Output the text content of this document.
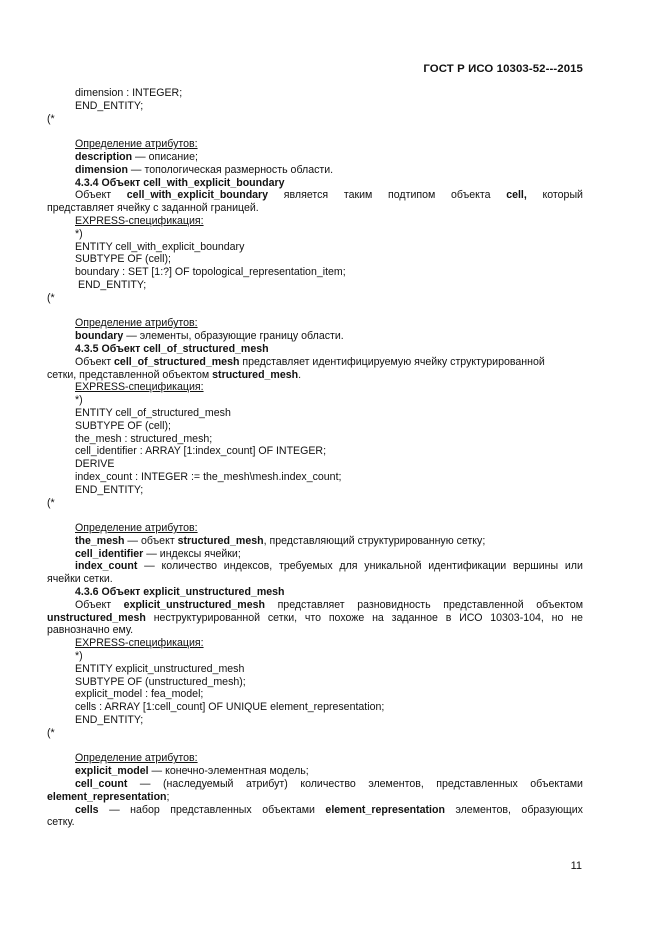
ГОСТ Р ИСО 10303-52---2015
dimension : INTEGER;
END_ENTITY;
(*
Определение атрибутов:
description — описание;
dimension — топологическая размерность области.
4.3.4 Объект cell_with_explicit_boundary
Объект cell_with_explicit_boundary является таким подтипом объекта cell, который
представляет ячейку с заданной границей.
EXPRESS-спецификация:
*)
ENTITY cell_with_explicit_boundary
SUBTYPE OF (cell);
boundary : SET [1:?] OF topological_representation_item;
END_ENTITY;
(*
Определение атрибутов:
boundary — элементы, образующие границу области.
4.3.5 Объект cell_of_structured_mesh
Объект cell_of_structured_mesh представляет идентифицируемую ячейку структурированной
сетки, представленной объектом structured_mesh.
EXPRESS-спецификация:
*)
ENTITY cell_of_structured_mesh
SUBTYPE OF (cell);
the_mesh : structured_mesh;
cell_identifier : ARRAY [1:index_count] OF INTEGER;
DERIVE
index_count : INTEGER := the_mesh\mesh.index_count;
END_ENTITY;
(*
Определение атрибутов:
the_mesh — объект structured_mesh, представляющий структурированную сетку;
cell_identifier — индексы ячейки;
index_count — количество индексов, требуемых для уникальной идентификации вершины или
ячейки сетки.
4.3.6 Объект explicit_unstructured_mesh
Объект explicit_unstructured_mesh представляет разновидность представленной объектом
unstructured_mesh неструктурированной сетки, что похоже на заданное в ИСО 10303-104, но не
равнозначно ему.
EXPRESS-спецификация:
*)
ENTITY explicit_unstructured_mesh
SUBTYPE OF (unstructured_mesh);
explicit_model : fea_model;
cells : ARRAY [1:cell_count] OF UNIQUE element_representation;
END_ENTITY;
(*
Определение атрибутов:
explicit_model — конечно-элементная модель;
cell_count — (наследуемый атрибут) количество элементов, представленных объектами
element_representation;
cells — набор представленных объектами element_representation элементов, образующих
сетку.
11
